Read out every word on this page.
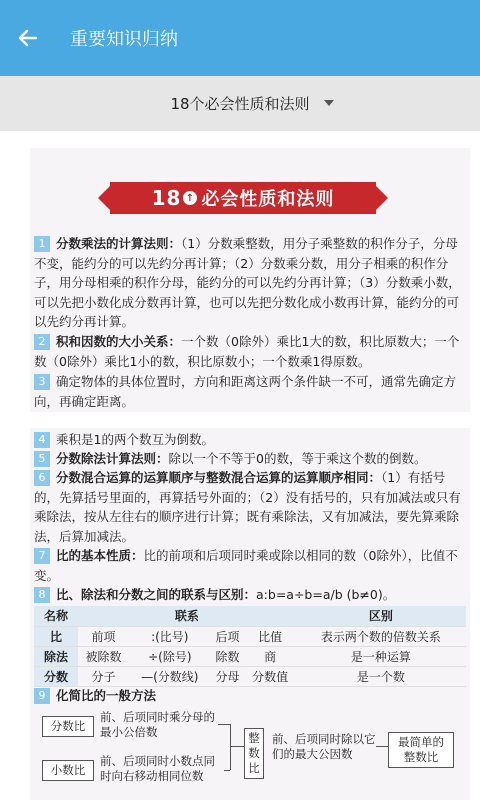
重要知识归纳
18个必会性质和法则
18 ↑ 必会性质和法则
1 分数乘法的计算法则：（1）分数乘整数，用分子乘整数的积作分子，分母不变，能约分的可以先约分再计算；（2）分数乘分数，用分子相乘的积作分子，用分母相乘的积作分母，能约分的可以先约分再计算；（3）分数乘小数，可以先把小数化成分数再计算，也可以先把分数化成小数再计算，能约分的可以先约分再计算。
2 积和因数的大小关系：一个数（0除外）乘比1大的数，积比原数大；一个数（0除外）乘比1小的数，积比原数小；一个数乘1得原数。
3 确定物体的具体位置时，方向和距离这两个条件缺一不可，通常先确定方向，再确定距离。
4 乘积是1的两个数互为倒数。
5 分数除法计算法则：除以一个不等于0的数，等于乘这个数的倒数。
6 分数混合运算的运算顺序与整数混合运算的运算顺序相同：（1）有括号的，先算括号里面的，再算括号外面的；（2）没有括号的，只有加减法或只有乘除法，按从左往右的顺序进行计算；既有乘除法，又有加减法，要先算乘除法，后算加减法。
7 比的基本性质：比的前项和后项同时乘或除以相同的数（0除外），比值不变。
8 比、除法和分数之间的联系与区别：a:b=a÷b=a/b (b≠0)。
名称	联系				区别
比	前项	:(比号)	后项	比值	表示两个数的倍数关系
除法	被除数	÷(除号)	除数	商	是一种运算
分数	分子	—(分数线)	分母	分数值	是一个数
9 化简比的一般方法
分数比
前、后项同时乘分母的最小公倍数
小数比
前、后项同时小数点同时向右移动相同位数
整数比
前、后项同时除以它们的最大公因数
最简单的整数比
